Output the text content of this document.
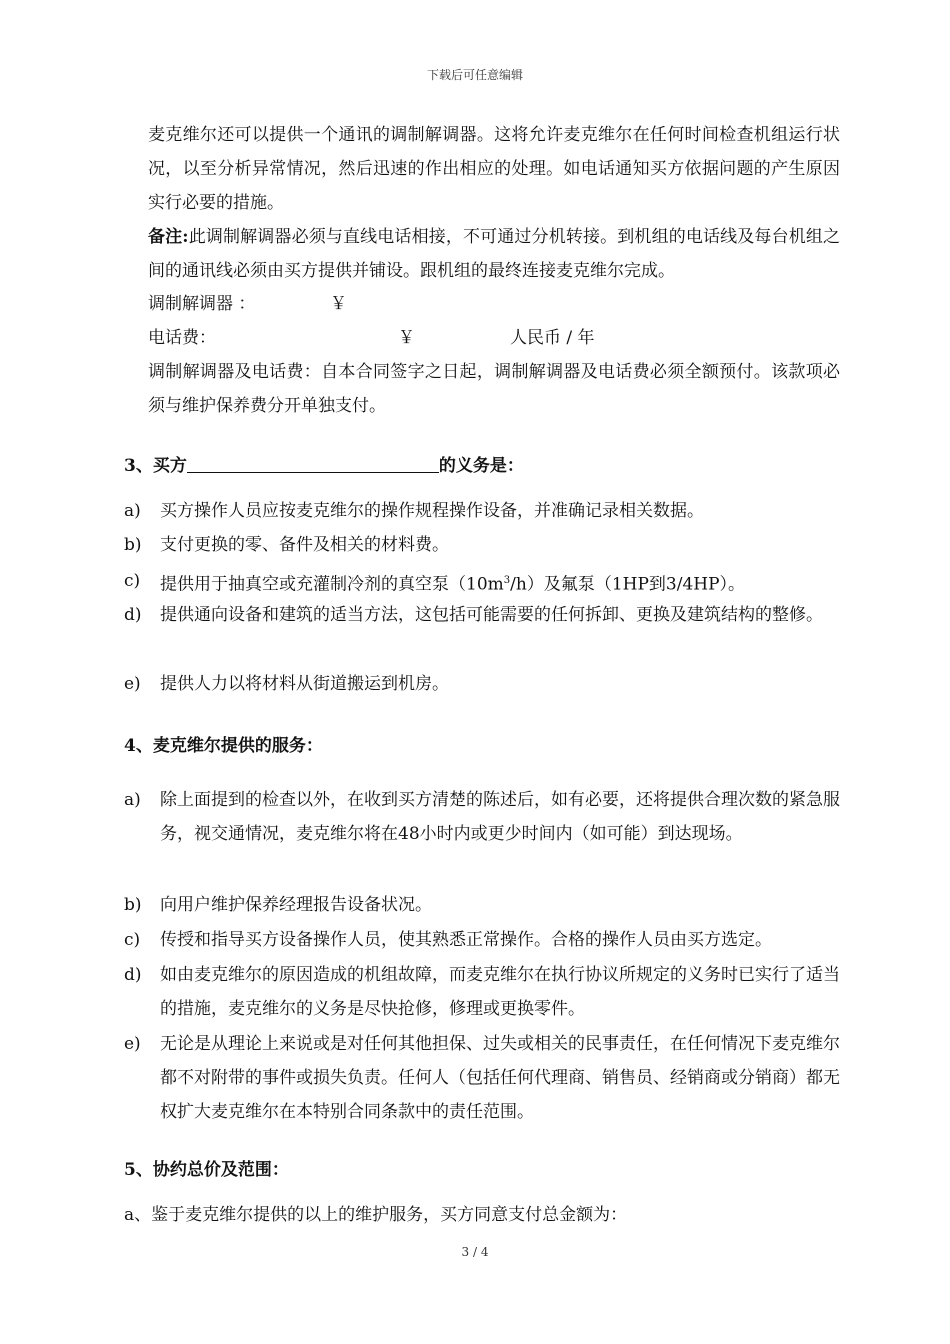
下载后可任意编辑

麦克维尔还可以提供一个通讯的调制解调器。这将允许麦克维尔在任何时间检查机组运行状况，以至分析异常情况，然后迅速的作出相应的处理。如电话通知买方依据问题的产生原因实行必要的措施。

备注:此调制解调器必须与直线电话相接，不可通过分机转接。到机组的电话线及每台机组之间的通讯线必须由买方提供并铺设。跟机组的最终连接麦克维尔完成。

调制解调器 ：	￥
电话费：	￥	人民币 / 年

调制解调器及电话费：自本合同签字之日起，调制解调器及电话费必须全额预付。该款项必须与维护保养费分开单独支付。

3、买方	的义务是：

a) 买方操作人员应按麦克维尔的操作规程操作设备，并准确记录相关数据。
b) 支付更换的零、备件及相关的材料费。
c) 提供用于抽真空或充灌制冷剂的真空泵$(10m^3/h)$及氟泵（1HP到3/4HP）。
d) 提供通向设备和建筑的适当方法，这包括可能需要的任何拆卸、更换及建筑结构的整修。
e) 提供人力以将材料从街道搬运到机房。

4、麦克维尔提供的服务：

a) 除上面提到的检查以外，在收到买方清楚的陈述后，如有必要，还将提供合理次数的紧急服务，视交通情况，麦克维尔将在48小时内或更少时间内（如可能）到达现场。
b) 向用户维护保养经理报告设备状况。
c) 传授和指导买方设备操作人员，使其熟悉正常操作。合格的操作人员由买方选定。
d) 如由麦克维尔的原因造成的机组故障，而麦克维尔在执行协议所规定的义务时已实行了适当的措施，麦克维尔的义务是尽快抢修，修理或更换零件。
e) 无论是从理论上来说或是对任何其他担保、过失或相关的民事责任，在任何情况下麦克维尔都不对附带的事件或损失负责。任何人（包括任何代理商、销售员、经销商或分销商）都无权扩大麦克维尔在本特别合同条款中的责任范围。

5、协约总价及范围：

a、鉴于麦克维尔提供的以上的维护服务，买方同意支付总金额为：

3 / 4
